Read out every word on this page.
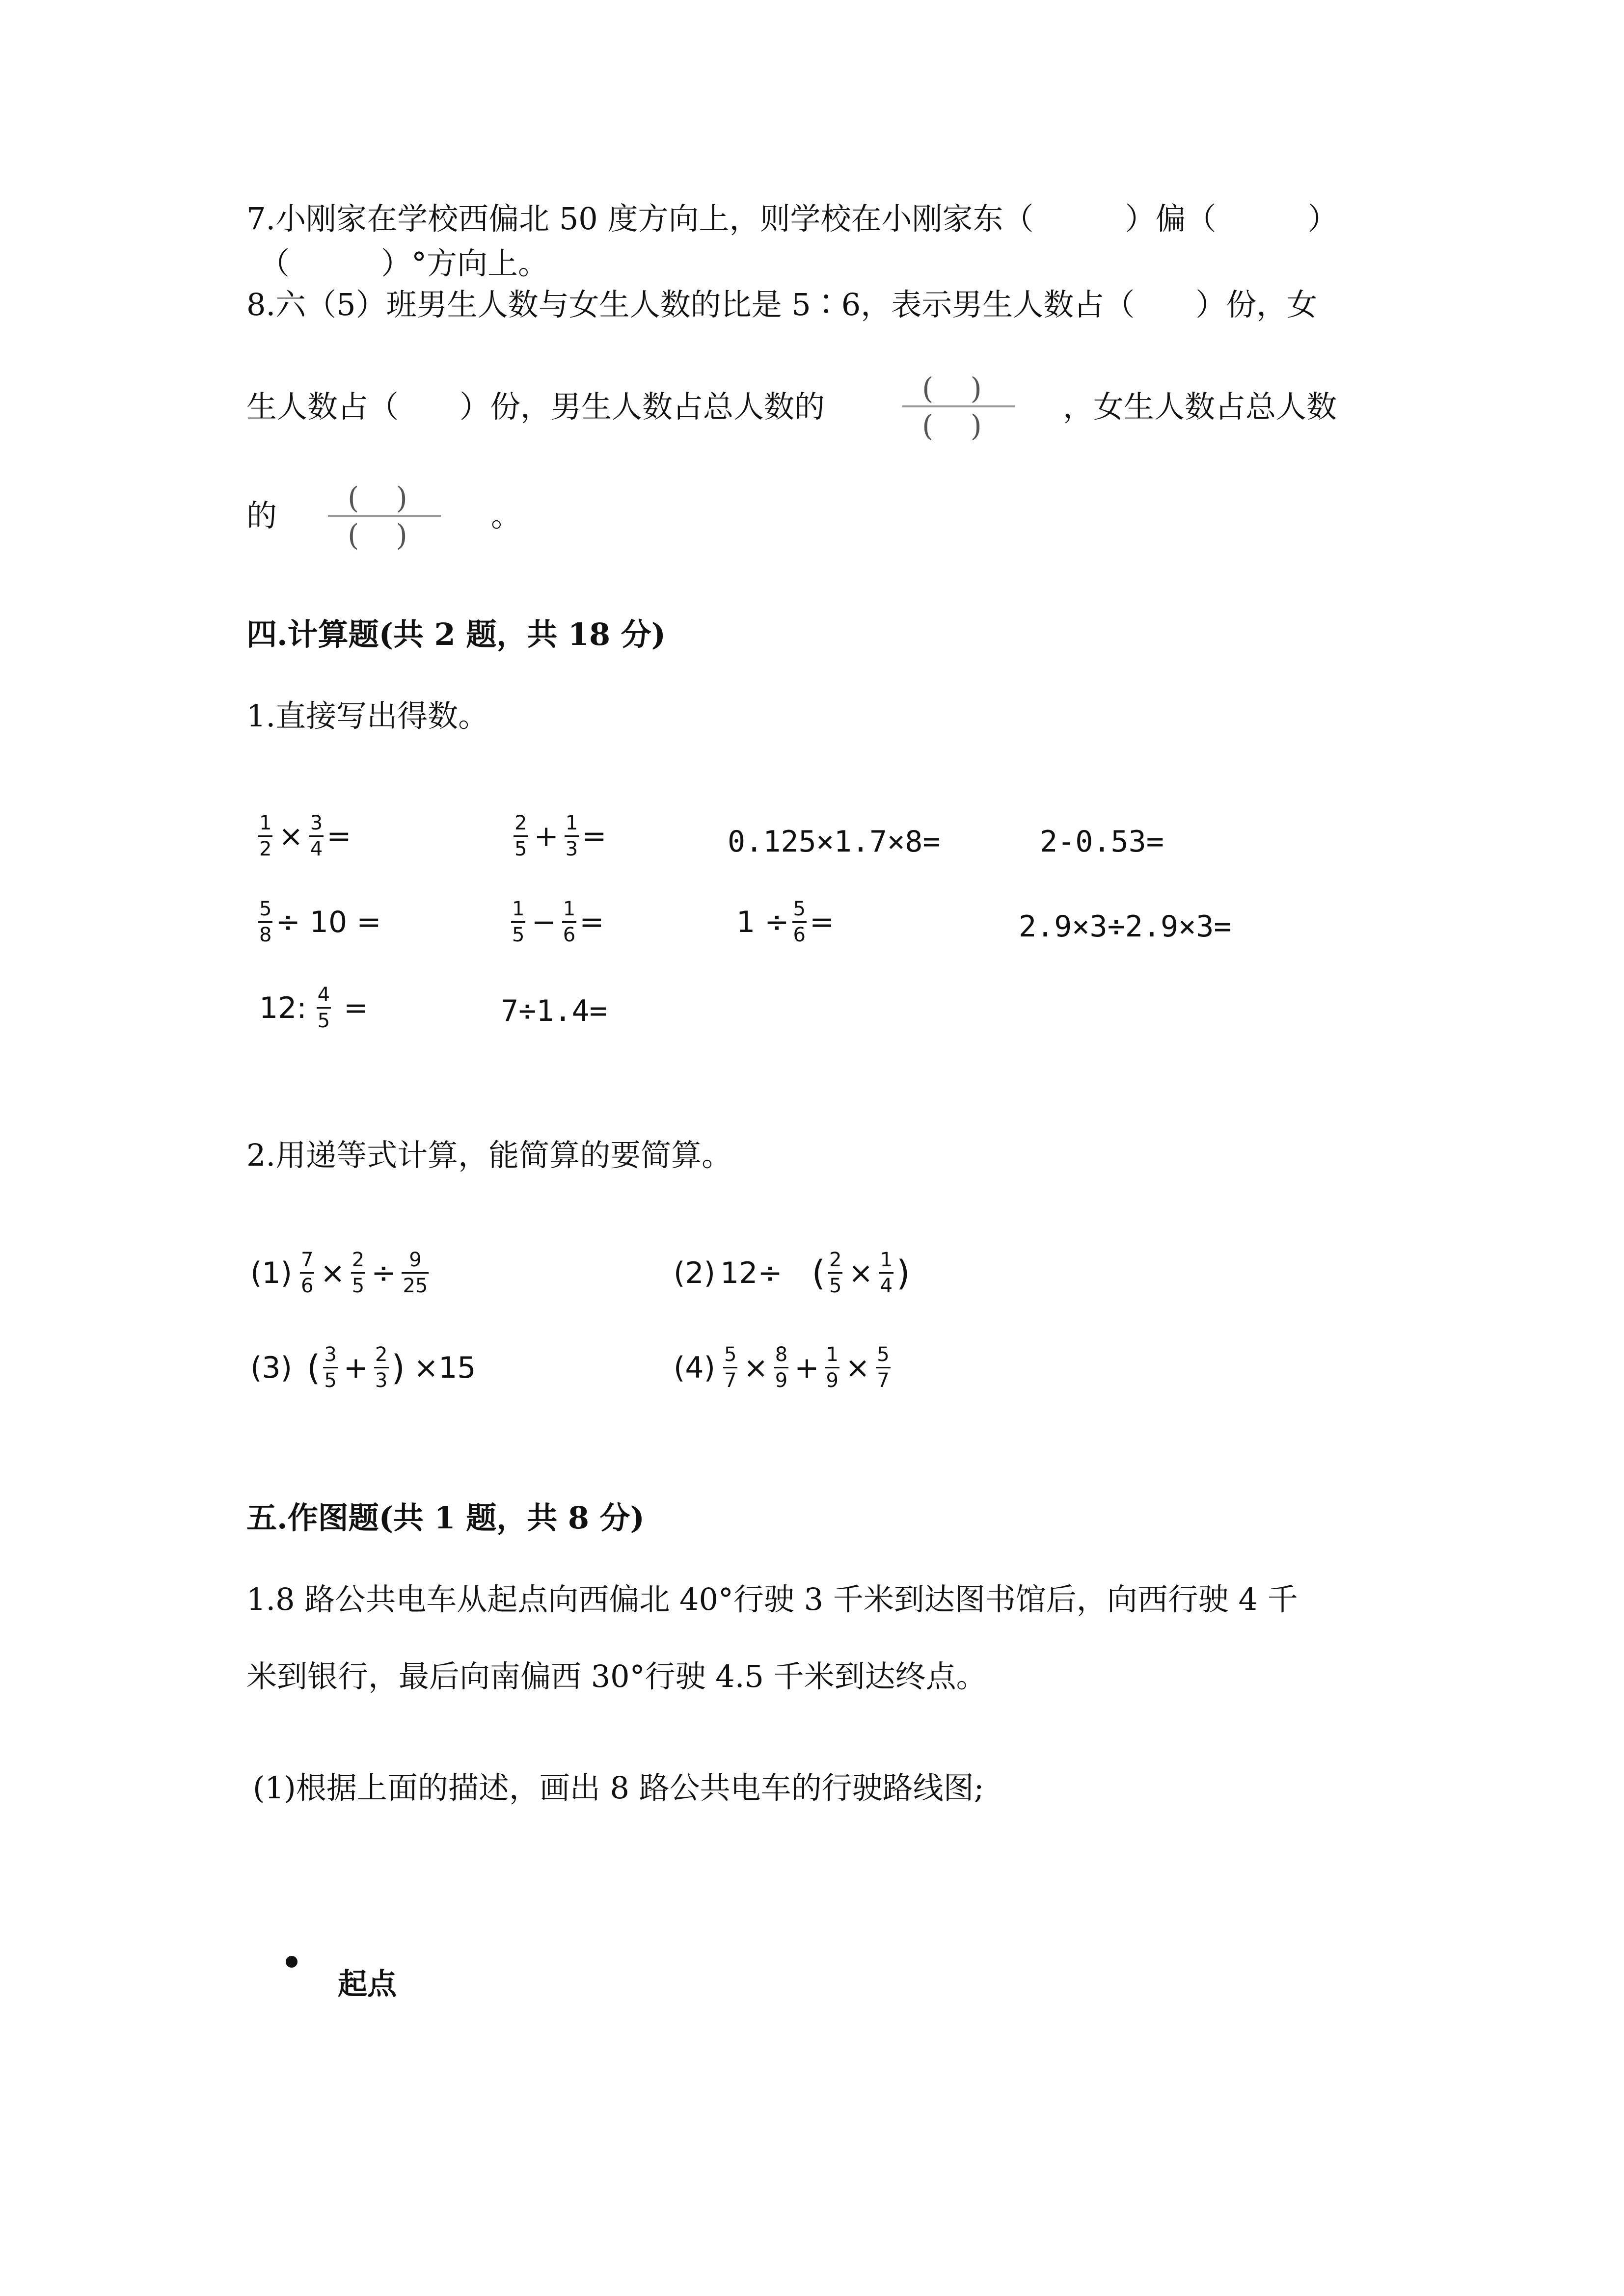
7.小刚家在学校西偏北 50 度方向上，则学校在小刚家东（　　　）偏（　　　）
（　　　）°方向上。
8.六（5）班男生人数与女生人数的比是 5∶6，表示男生人数占（　　）份，女
生人数占（　　）份，男生人数占总人数的	( )
( )
，女生人数占总人数
的 ( )
( )
。
四.计算题(共 2 题，共 18 分)
1.直接写出得数。
$\frac{1}{2} \times \frac{3}{4}$ =	$\frac{2}{5} + \frac{1}{3}$ =	0.125×1.7×8=	2-0.53=
$\frac{5}{8} \div 10$ =	$\frac{1}{5} - \frac{1}{6}$ =	$1 \div \frac{5}{6}$ =	2.9×3÷2.9×3=
12: $\frac{4}{5}$ =	7÷1.4=
2.用递等式计算，能简算的要简算。
$(1) \frac{7}{6} \times \frac{2}{5} \div \frac{9}{25}$	(2) 12÷ ( $\frac{2}{5} \times \frac{1}{4}$ )
(3) ( $\frac{3}{5} + \frac{2}{3}$ ) ×15	$(4) \frac{5}{7} \times \frac{8}{9} + \frac{1}{9} \times \frac{5}{7}$
五.作图题(共 1 题，共 8 分)
1.8 路公共电车从起点向西偏北 40°行驶 3 千米到达图书馆后，向西行驶 4 千
米到银行，最后向南偏西 30°行驶 4.5 千米到达终点。
(1)根据上面的描述，画出 8 路公共电车的行驶路线图;
起点
